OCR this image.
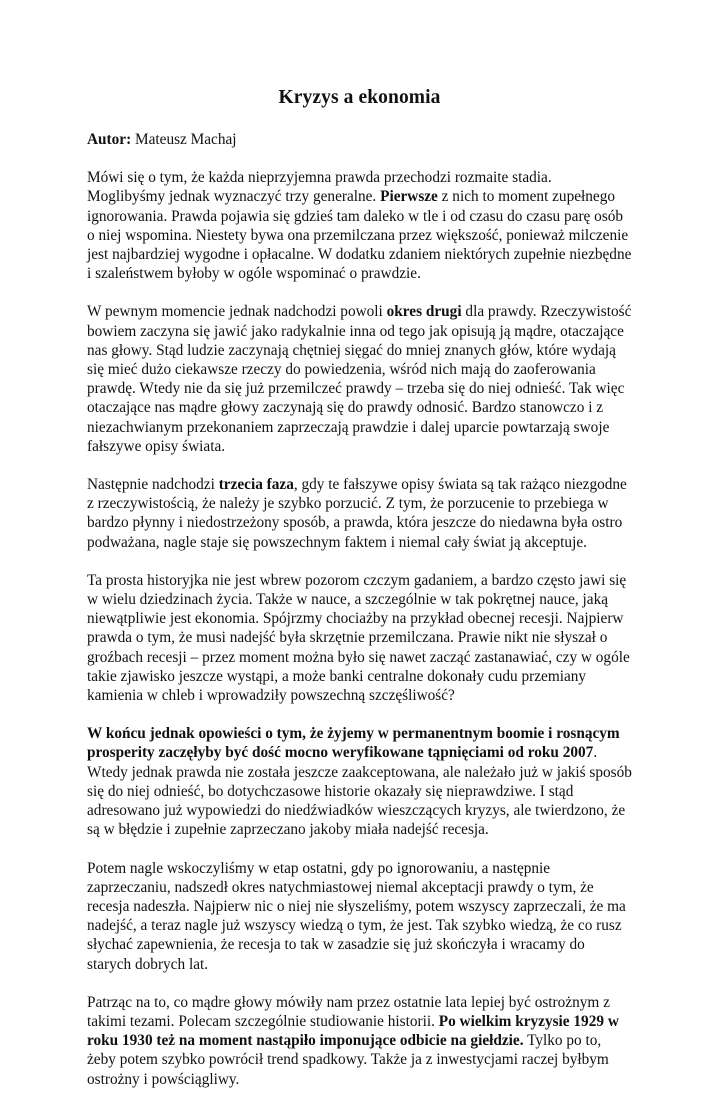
Kryzys a ekonomia

Autor: Mateusz Machaj

Mówi się o tym, że każda nieprzyjemna prawda przechodzi rozmaite stadia. Moglibyśmy jednak wyznaczyć trzy generalne. Pierwsze z nich to moment zupełnego ignorowania. Prawda pojawia się gdzieś tam daleko w tle i od czasu do czasu parę osób o niej wspomina. Niestety bywa ona przemilczana przez większość, ponieważ milczenie jest najbardziej wygodne i opłacalne. W dodatku zdaniem niektórych zupełnie niezbędne i szaleństwem byłoby w ogóle wspominać o prawdzie.

W pewnym momencie jednak nadchodzi powoli okres drugi dla prawdy. Rzeczywistość bowiem zaczyna się jawić jako radykalnie inna od tego jak opisują ją mądre, otaczające nas głowy. Stąd ludzie zaczynają chętniej sięgać do mniej znanych głów, które wydają się mieć dużo ciekawsze rzeczy do powiedzenia, wśród nich mają do zaoferowania prawdę. Wtedy nie da się już przemilczeć prawdy – trzeba się do niej odnieść. Tak więc otaczające nas mądre głowy zaczynają się do prawdy odnosić. Bardzo stanowczo i z niezachwianym przekonaniem zaprzeczają prawdzie i dalej uparcie powtarzają swoje fałszywe opisy świata.

Następnie nadchodzi trzecia faza, gdy te fałszywe opisy świata są tak rażąco niezgodne z rzeczywistością, że należy je szybko porzucić. Z tym, że porzucenie to przebiega w bardzo płynny i niedostrzeżony sposób, a prawda, która jeszcze do niedawna była ostro podważana, nagle staje się powszechnym faktem i niemal cały świat ją akceptuje.

Ta prosta historyjka nie jest wbrew pozorom czczym gadaniem, a bardzo często jawi się w wielu dziedzinach życia. Także w nauce, a szczególnie w tak pokrętnej nauce, jaką niewątpliwie jest ekonomia. Spójrzmy chociażby na przykład obecnej recesji. Najpierw prawda o tym, że musi nadejść była skrzętnie przemilczana. Prawie nikt nie słyszał o groźbach recesji – przez moment można było się nawet zacząć zastanawiać, czy w ogóle takie zjawisko jeszcze wystąpi, a może banki centralne dokonały cudu przemiany kamienia w chleb i wprowadziły powszechną szczęśliwość?

W końcu jednak opowieści o tym, że żyjemy w permanentnym boomie i rosnącym prosperity zaczęłyby być dość mocno weryfikowane tąpnięciami od roku 2007. Wtedy jednak prawda nie została jeszcze zaakceptowana, ale należało już w jakiś sposób się do niej odnieść, bo dotychczasowe historie okazały się nieprawdziwe. I stąd adresowano już wypowiedzi do niedźwiadków wieszczących kryzys, ale twierdzono, że są w błędzie i zupełnie zaprzeczano jakoby miała nadejść recesja.

Potem nagle wskoczyliśmy w etap ostatni, gdy po ignorowaniu, a następnie zaprzeczaniu, nadszedł okres natychmiastowej niemal akceptacji prawdy o tym, że recesja nadeszła. Najpierw nic o niej nie słyszeliśmy, potem wszyscy zaprzeczali, że ma nadejść, a teraz nagle już wszyscy wiedzą o tym, że jest. Tak szybko wiedzą, że co rusz słychać zapewnienia, że recesja to tak w zasadzie się już skończyła i wracamy do starych dobrych lat.

Patrząc na to, co mądre głowy mówiły nam przez ostatnie lata lepiej być ostrożnym z takimi tezami. Polecam szczególnie studiowanie historii. Po wielkim kryzysie 1929 w roku 1930 też na moment nastąpiło imponujące odbicie na giełdzie. Tylko po to, żeby potem szybko powrócił trend spadkowy. Także ja z inwestycjami raczej byłbym ostrożny i powściągliwy.
